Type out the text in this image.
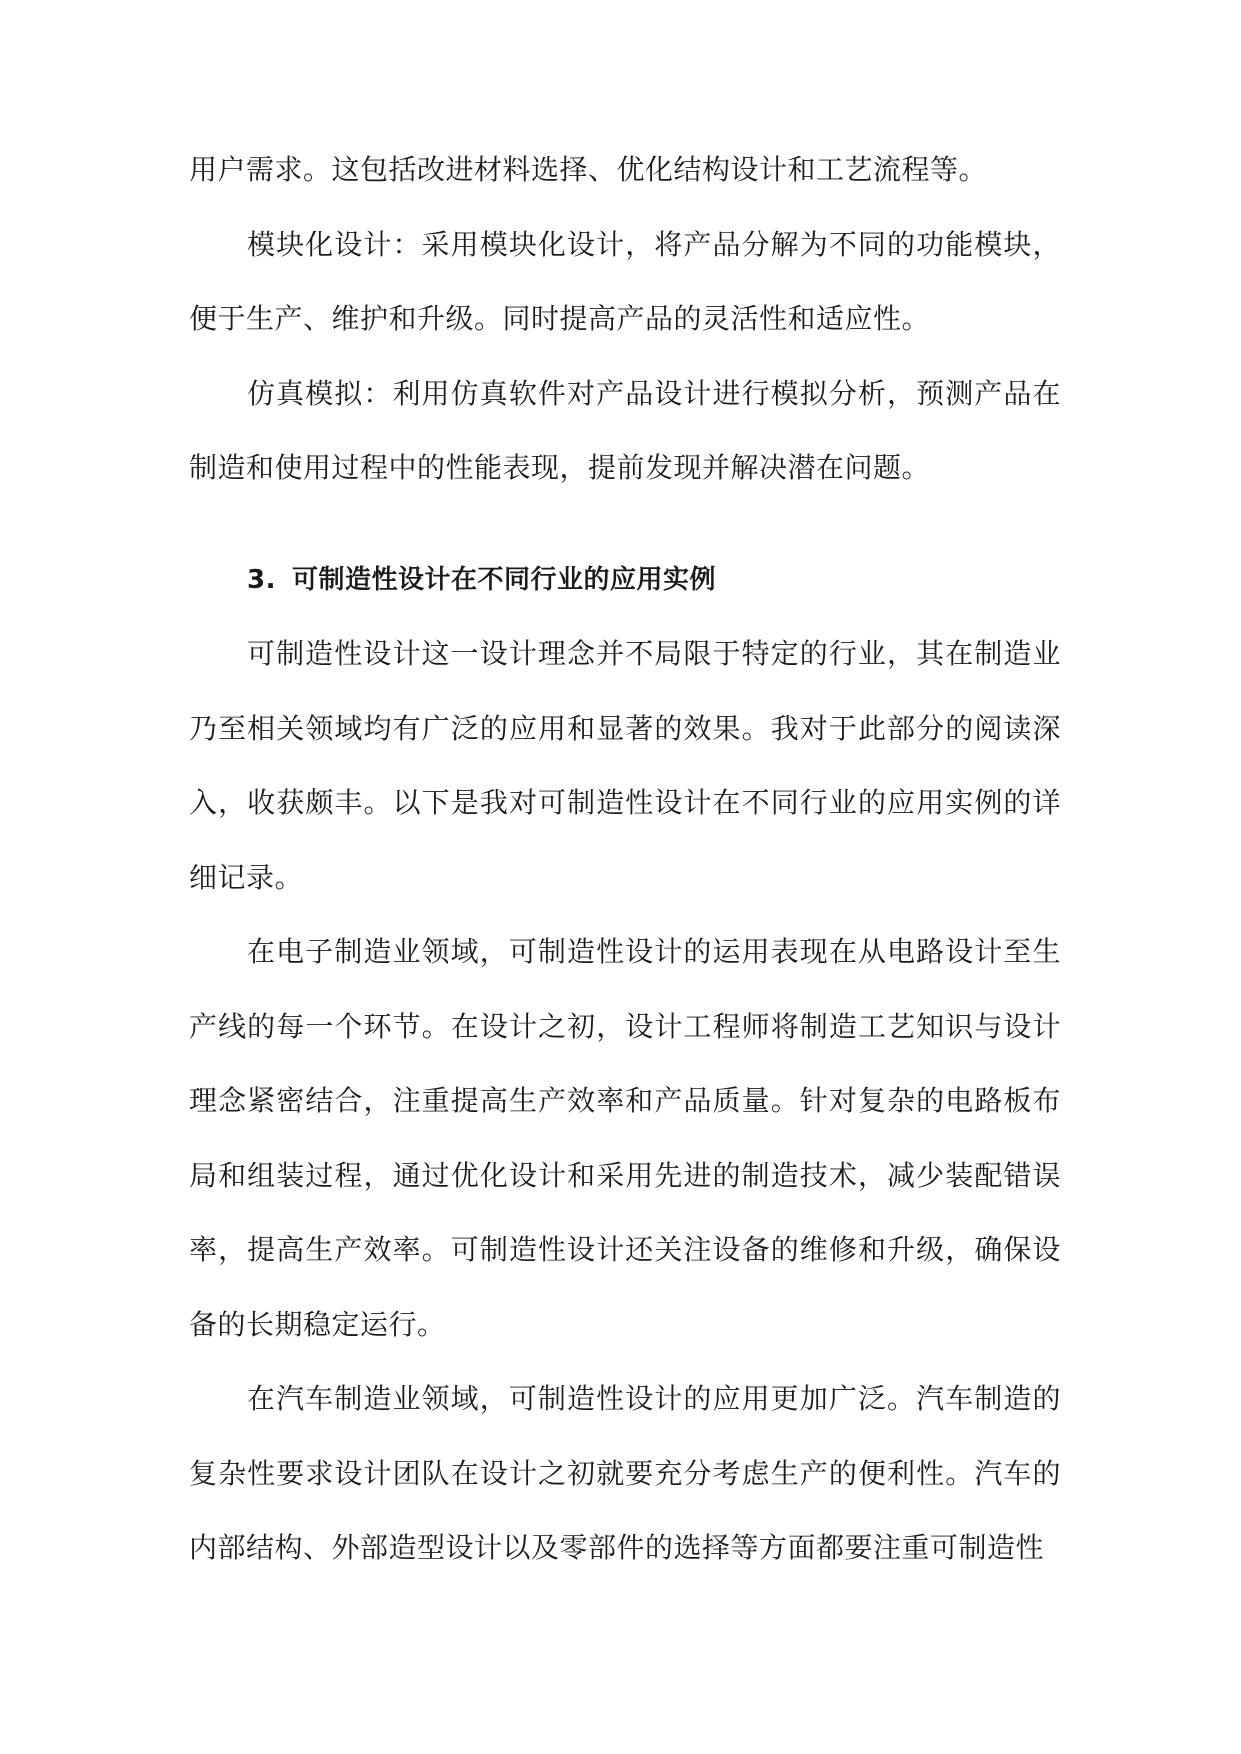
用户需求。这包括改进材料选择、优化结构设计和工艺流程等。

模块化设计：采用模块化设计，将产品分解为不同的功能模块，便于生产、维护和升级。同时提高产品的灵活性和适应性。

仿真模拟：利用仿真软件对产品设计进行模拟分析，预测产品在制造和使用过程中的性能表现，提前发现并解决潜在问题。

3. 可制造性设计在不同行业的应用实例

可制造性设计这一设计理念并不局限于特定的行业，其在制造业乃至相关领域均有广泛的应用和显著的效果。我对于此部分的阅读深入，收获颇丰。以下是我对可制造性设计在不同行业的应用实例的详细记录。

在电子制造业领域，可制造性设计的运用表现在从电路设计至生产线的每一个环节。在设计之初，设计工程师将制造工艺知识与设计理念紧密结合，注重提高生产效率和产品质量。针对复杂的电路板布局和组装过程，通过优化设计和采用先进的制造技术，减少装配错误率，提高生产效率。可制造性设计还关注设备的维修和升级，确保设备的长期稳定运行。

在汽车制造业领域，可制造性设计的应用更加广泛。汽车制造的复杂性要求设计团队在设计之初就要充分考虑生产的便利性。汽车的内部结构、外部造型设计以及零部件的选择等方面都要注重可制造性
